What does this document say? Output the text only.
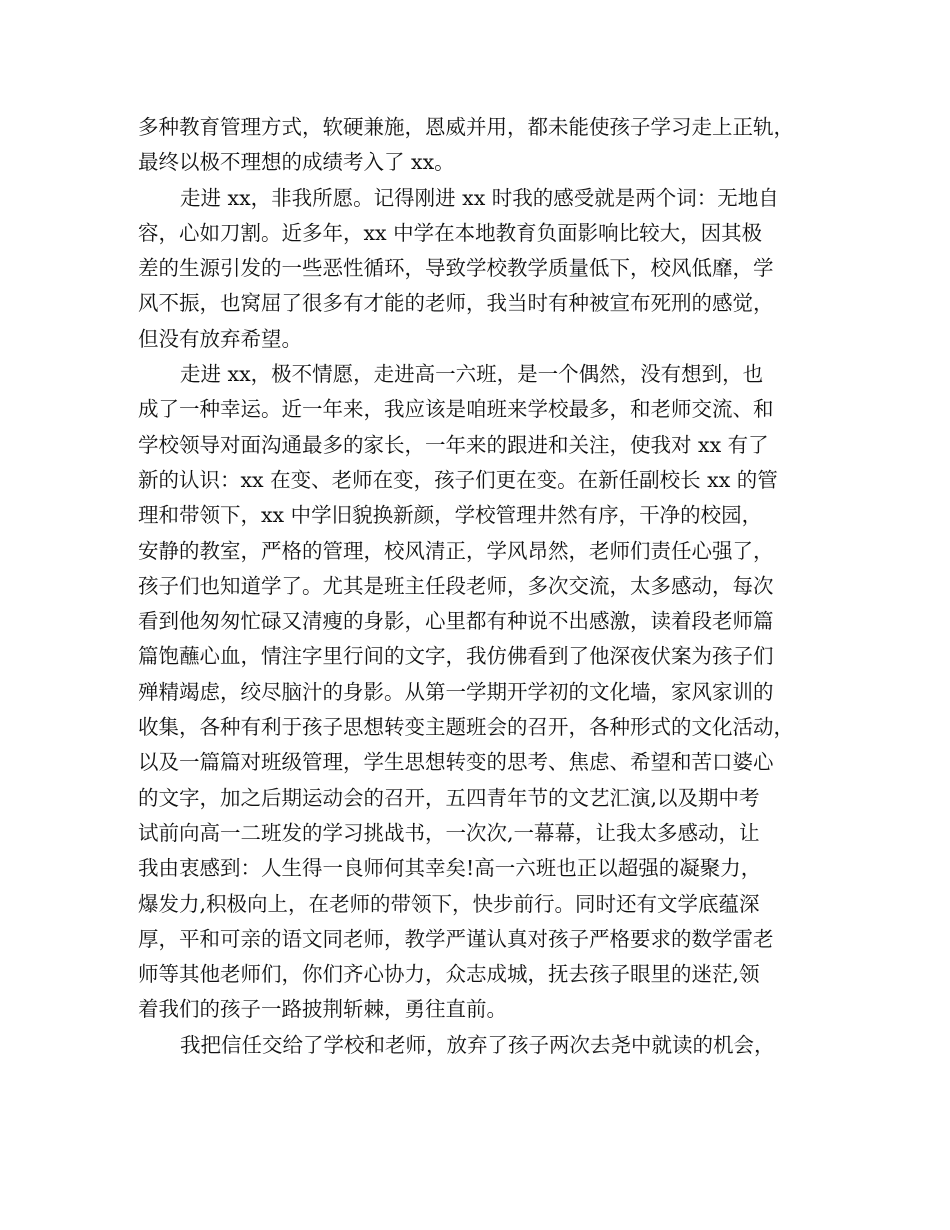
多种教育管理方式，软硬兼施，恩威并用，都未能使孩子学习走上正轨，
最终以极不理想的成绩考入了 xx。
走进 xx，非我所愿。记得刚进 xx 时我的感受就是两个词：无地自
容，心如刀割。近多年，xx 中学在本地教育负面影响比较大，因其极
差的生源引发的一些恶性循环，导致学校教学质量低下，校风低靡，学
风不振，也窝屈了很多有才能的老师，我当时有种被宣布死刑的感觉，
但没有放弃希望。
走进 xx，极不情愿，走进高一六班，是一个偶然，没有想到，也
成了一种幸运。近一年来，我应该是咱班来学校最多，和老师交流、和
学校领导对面沟通最多的家长，一年来的跟进和关注，使我对 xx 有了
新的认识：xx 在变、老师在变，孩子们更在变。在新任副校长 xx 的管
理和带领下，xx 中学旧貌换新颜，学校管理井然有序，干净的校园，
安静的教室，严格的管理，校风清正，学风昂然，老师们责任心强了，
孩子们也知道学了。尤其是班主任段老师，多次交流，太多感动，每次
看到他匆匆忙碌又清瘦的身影，心里都有种说不出感激，读着段老师篇
篇饱蘸心血，情注字里行间的文字，我仿佛看到了他深夜伏案为孩子们
殚精竭虑，绞尽脑汁的身影。从第一学期开学初的文化墙，家风家训的
收集，各种有利于孩子思想转变主题班会的召开，各种形式的文化活动，
以及一篇篇对班级管理，学生思想转变的思考、焦虑、希望和苦口婆心
的文字，加之后期运动会的召开，五四青年节的文艺汇演,以及期中考
试前向高一二班发的学习挑战书，一次次,一幕幕，让我太多感动，让
我由衷感到：人生得一良师何其幸矣!高一六班也正以超强的凝聚力，
爆发力,积极向上，在老师的带领下，快步前行。同时还有文学底蕴深
厚，平和可亲的语文同老师，教学严谨认真对孩子严格要求的数学雷老
师等其他老师们，你们齐心协力，众志成城，抚去孩子眼里的迷茫,领
着我们的孩子一路披荆斩棘，勇往直前。
我把信任交给了学校和老师，放弃了孩子两次去尧中就读的机会，
